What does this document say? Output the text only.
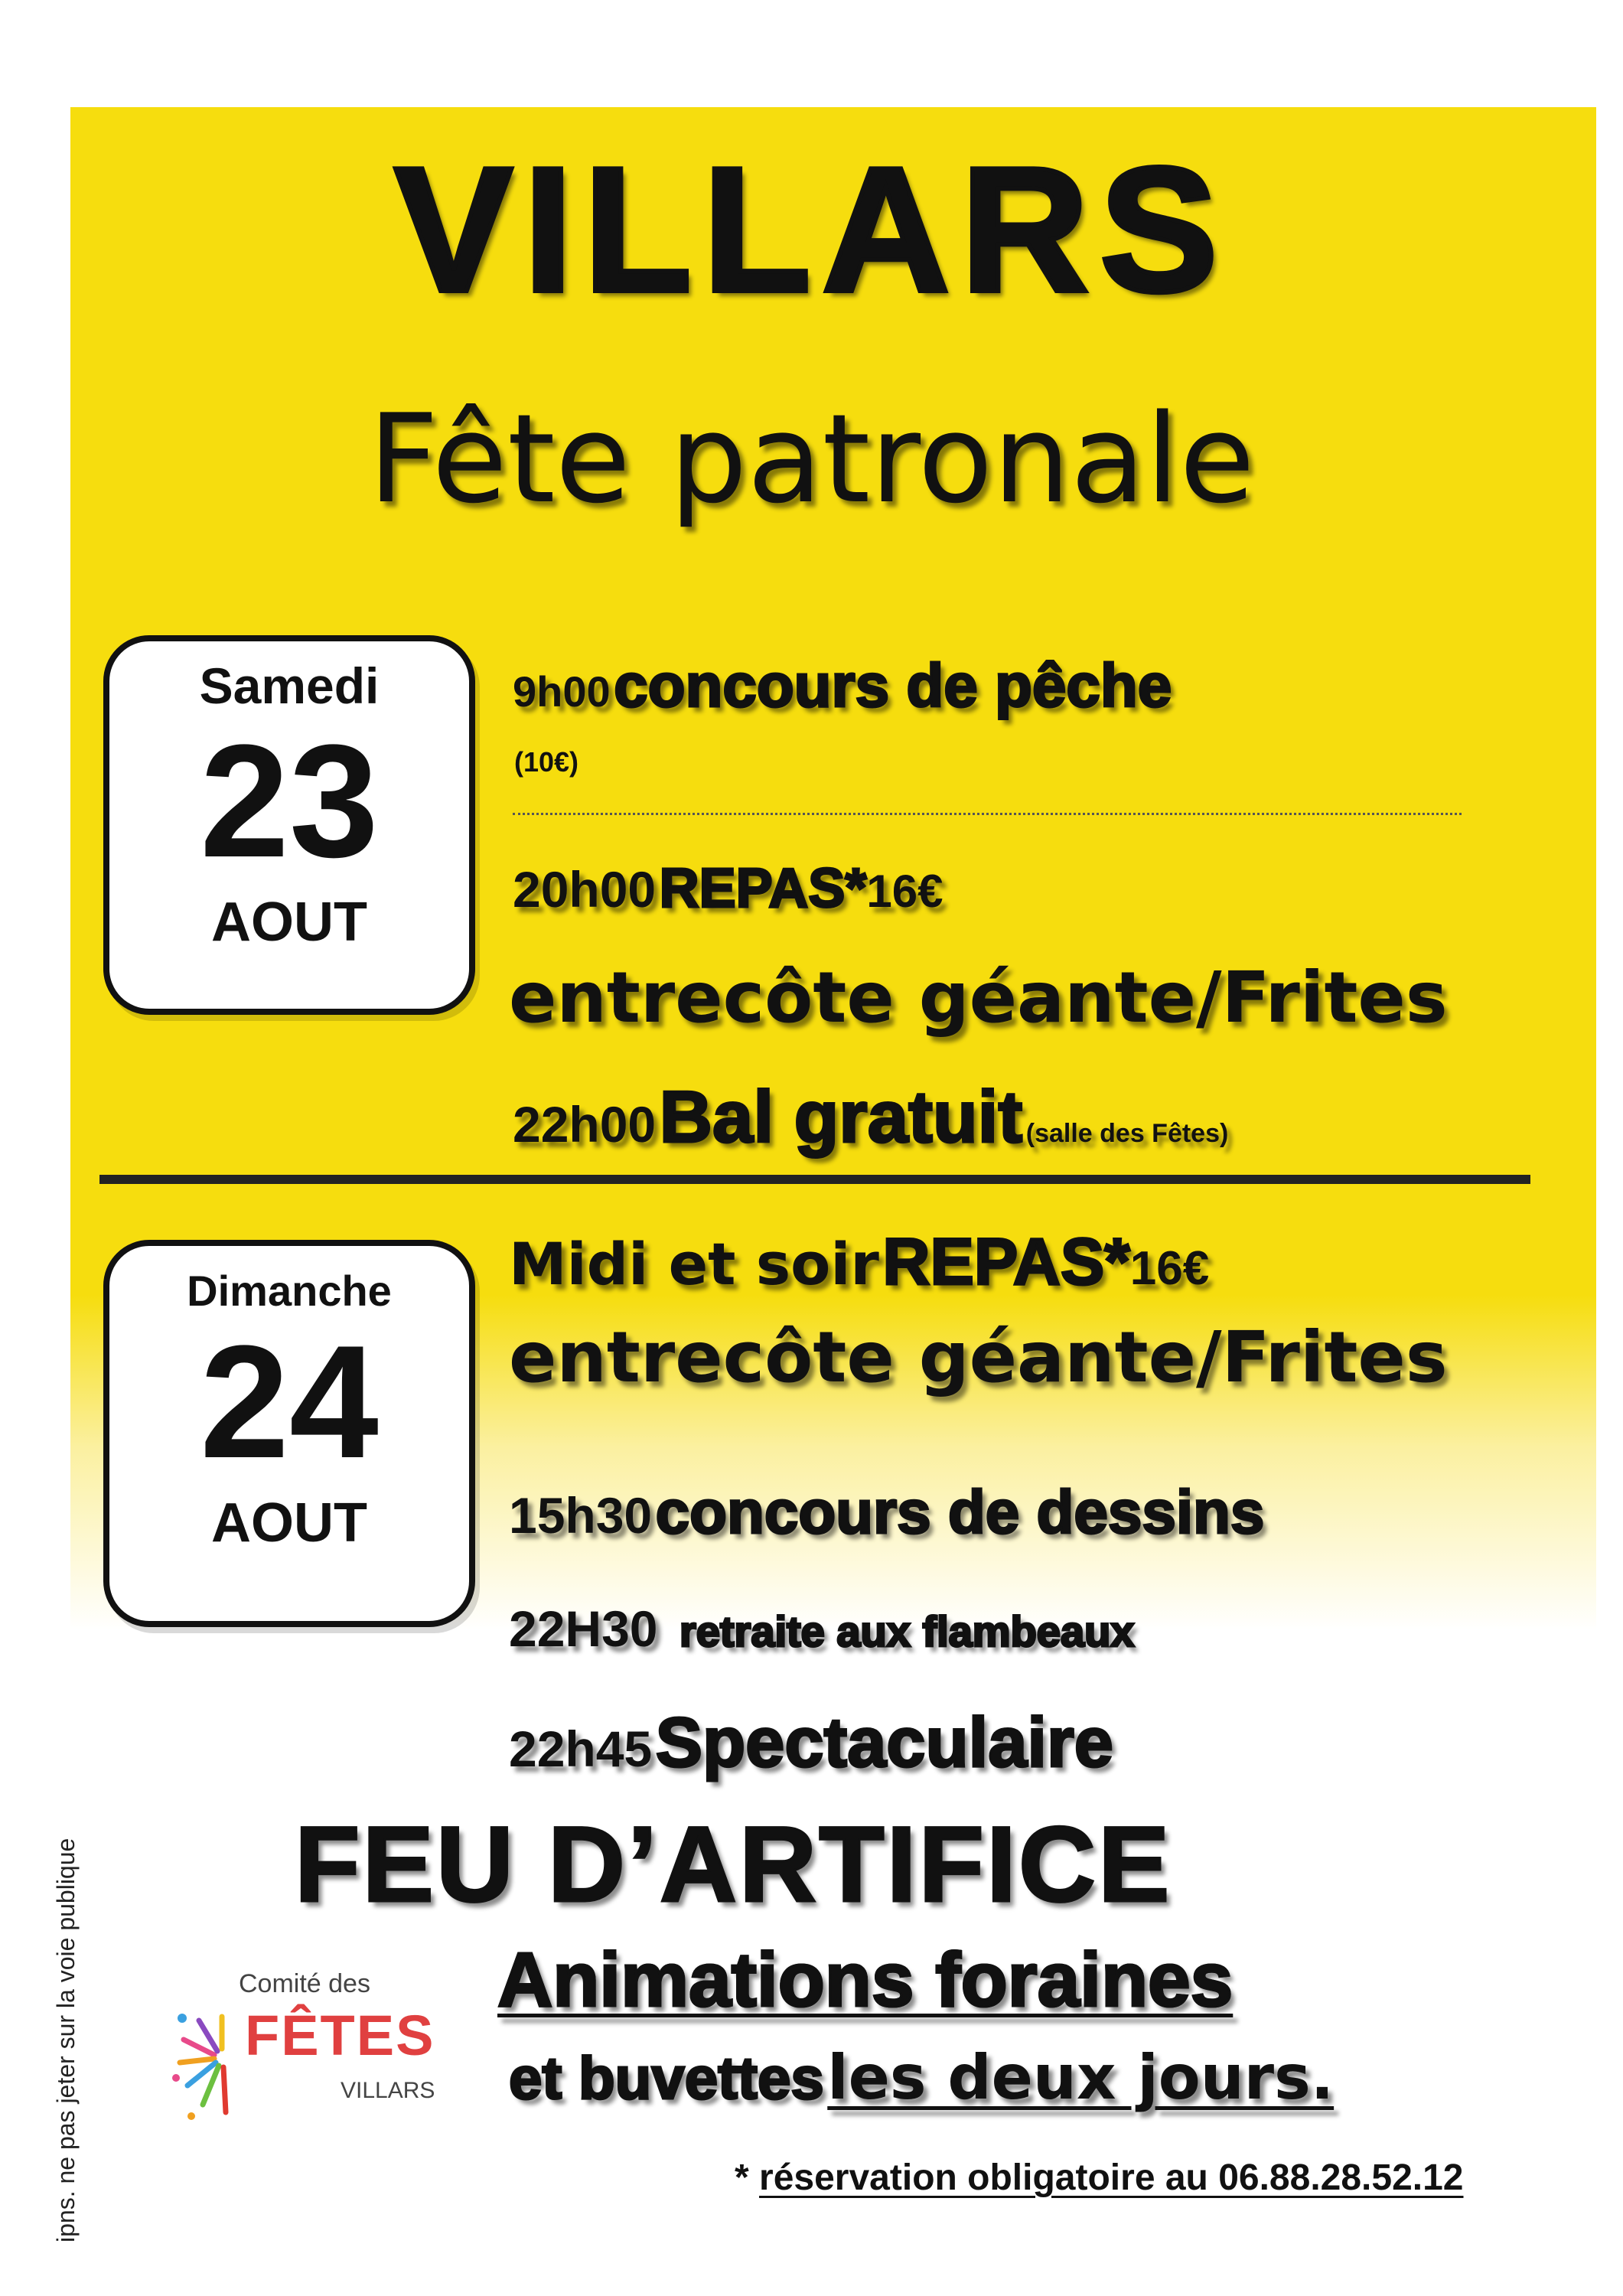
VILLARS
Fête patronale
Samedi
23
AOUT
9h00 concours de pêche
(10€)
20h00 REPAS*16€
entrecôte géante/Frites
22h00 Bal gratuit (salle des Fêtes)
Dimanche
24
AOUT
Midi et soir REPAS*16€
entrecôte géante/Frites
15h30 concours de dessins
22H30 retraite aux flambeaux
22h45 Spectaculaire
FEU D’ARTIFICE
Animations foraines
et buvettes les deux jours.
* réservation obligatoire au 06.88.28.52.12
ipns. ne pas jeter sur la voie publique	Comité des
FÊTES
VILLARS
